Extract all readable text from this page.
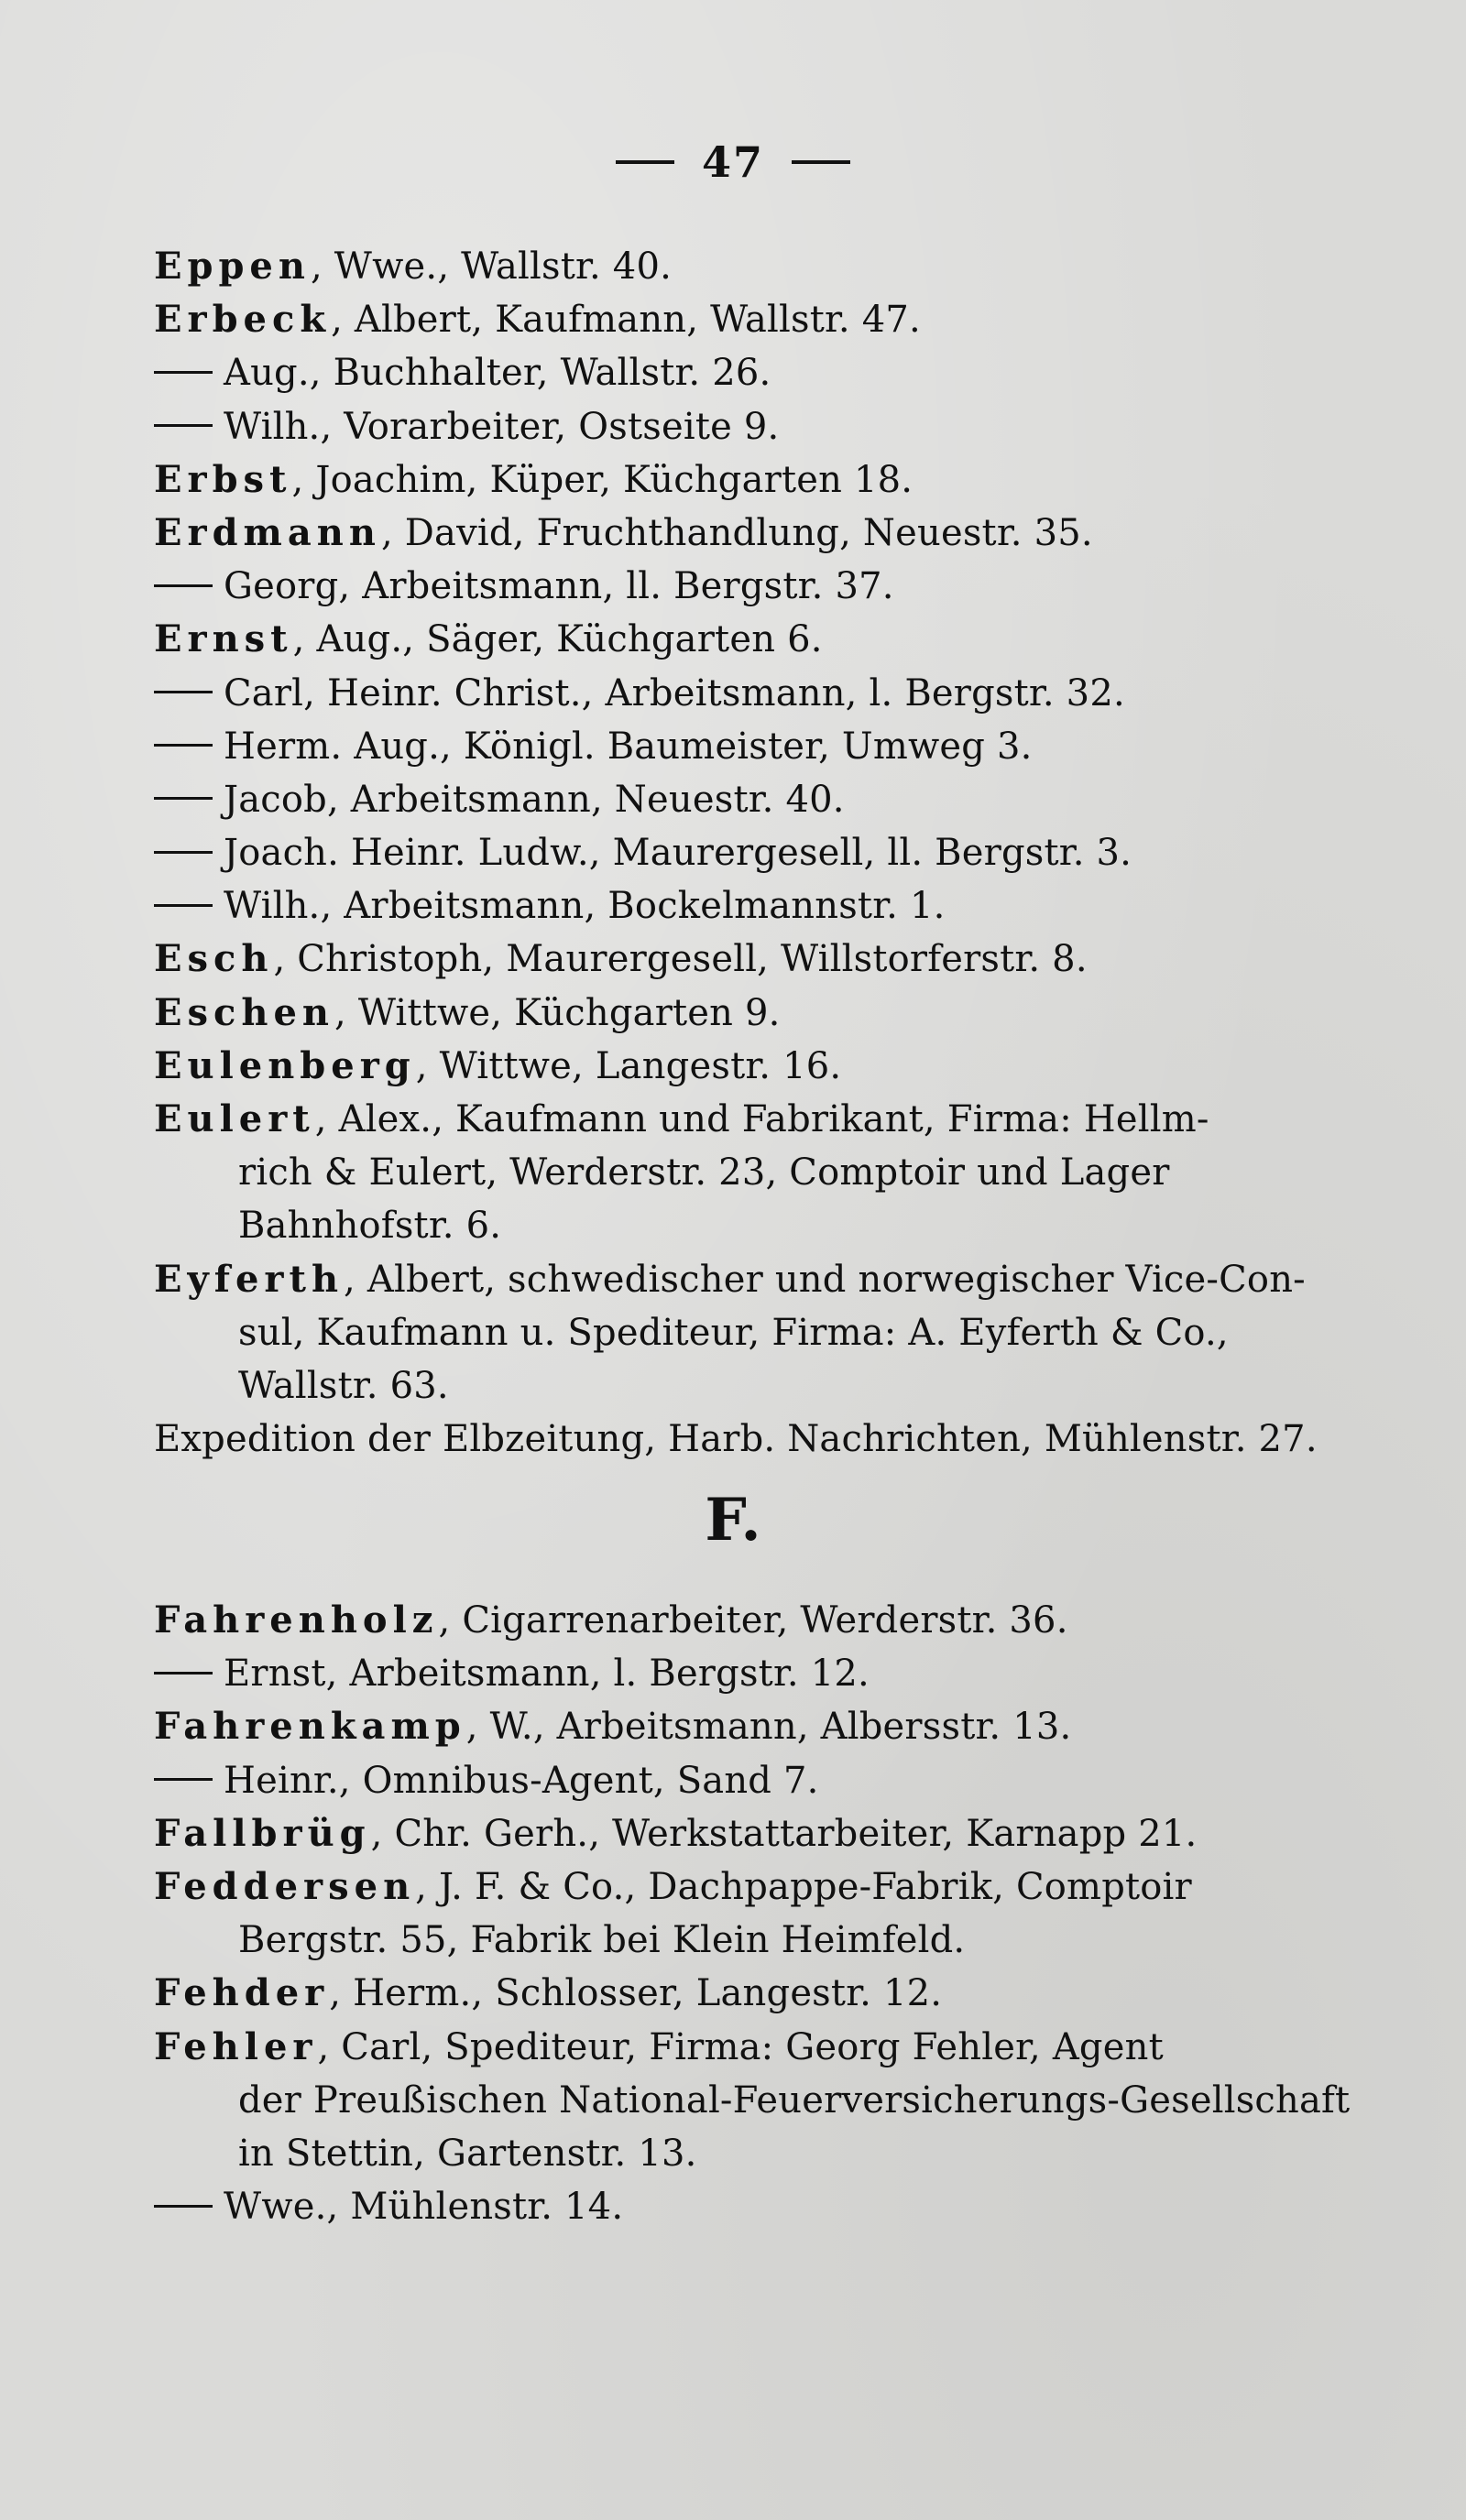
47
Eppen, Wwe., Wallstr. 40.
Erbeck, Albert, Kaufmann, Wallstr. 47.
Aug., Buchhalter, Wallstr. 26.
Wilh., Vorarbeiter, Ostseite 9.
Erbst, Joachim, Küper, Küchgarten 18.
Erdmann, David, Fruchthandlung, Neuestr. 35.
Georg, Arbeitsmann, ll. Bergstr. 37.
Ernst, Aug., Säger, Küchgarten 6.
Carl, Heinr. Christ., Arbeitsmann, l. Bergstr. 32.
Herm. Aug., Königl. Baumeister, Umweg 3.
Jacob, Arbeitsmann, Neuestr. 40.
Joach. Heinr. Ludw., Maurergesell, ll. Bergstr. 3.
Wilh., Arbeitsmann, Bockelmannstr. 1.
Esch, Christoph, Maurergesell, Willstorferstr. 8.
Eschen, Wittwe, Küchgarten 9.
Eulenberg, Wittwe, Langestr. 16.
Eulert, Alex., Kaufmann und Fabrikant, Firma: Hellm-
rich & Eulert, Werderstr. 23, Comptoir und Lager
Bahnhofstr. 6.
Eyferth, Albert, schwedischer und norwegischer Vice-Con-
sul, Kaufmann u. Spediteur, Firma: A. Eyferth & Co.,
Wallstr. 63.
Expedition der Elbzeitung, Harb. Nachrichten, Mühlenstr. 27.
F.
Fahrenholz, Cigarrenarbeiter, Werderstr. 36.
Ernst, Arbeitsmann, l. Bergstr. 12.
Fahrenkamp, W., Arbeitsmann, Albersstr. 13.
Heinr., Omnibus-Agent, Sand 7.
Fallbrüg, Chr. Gerh., Werkstattarbeiter, Karnapp 21.
Feddersen, J. F. & Co., Dachpappe-Fabrik, Comptoir
Bergstr. 55, Fabrik bei Klein Heimfeld.
Fehder, Herm., Schlosser, Langestr. 12.
Fehler, Carl, Spediteur, Firma: Georg Fehler, Agent
der Preußischen National-Feuerversicherungs-Gesellschaft
in Stettin, Gartenstr. 13.
Wwe., Mühlenstr. 14.
